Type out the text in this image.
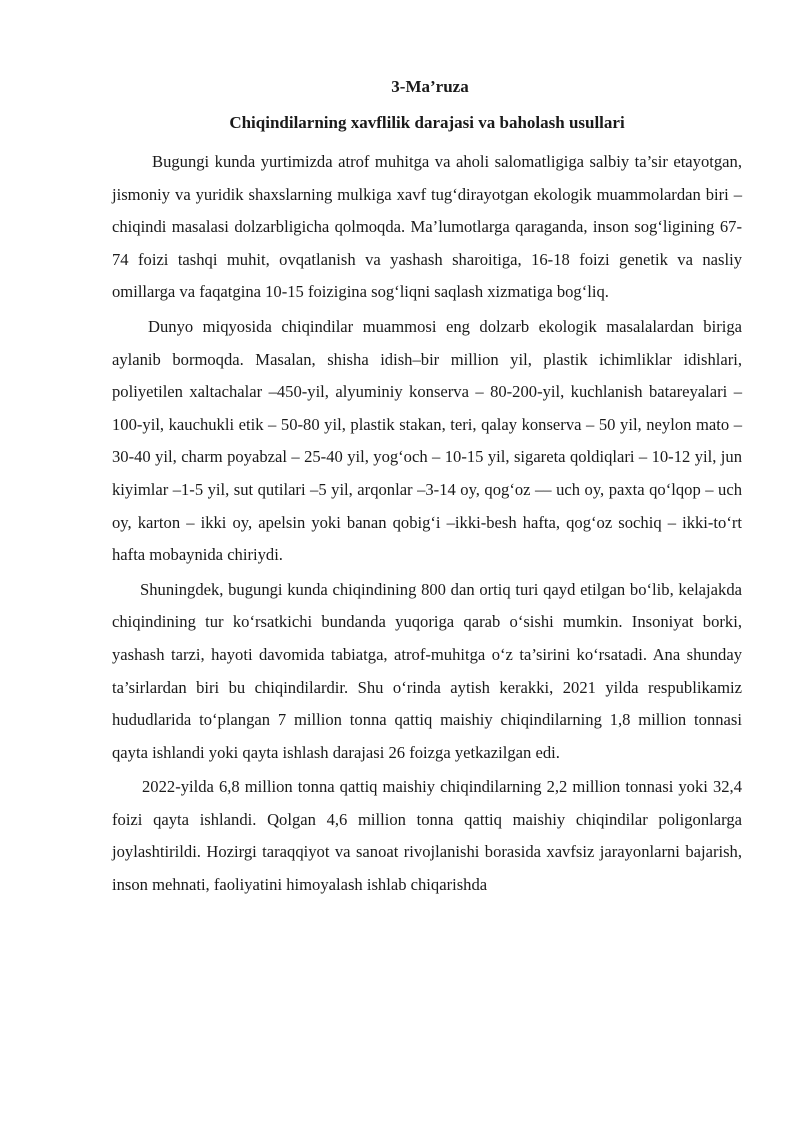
3-Ma’ruza
Chiqindilarning xavflilik darajasi va baholash usullari

Bugungi kunda yurtimizda atrof muhitga va aholi salomatligiga salbiy ta’sir etayotgan, jismoniy va yuridik shaxslarning mulkiga xavf tug‘dirayotgan ekologik muammolardan biri – chiqindi masalasi dolzarbligicha qolmoqda. Ma’lumotlarga qaraganda, inson sog‘ligining 67-74 foizi tashqi muhit, ovqatlanish va yashash sharoitiga, 16-18 foizi genetik va nasliy omillarga va faqatgina 10-15 foizigina sog‘liqni saqlash xizmatiga bog‘liq.

Dunyo miqyosida chiqindilar muammosi eng dolzarb ekologik masalalardan biriga aylanib bormoqda. Masalan, shisha idish–bir million yil, plastik ichimliklar idishlari, poliyetilen xaltachalar –450-yil, alyuminiy konserva – 80-200-yil, kuchlanish batareyalari – 100-yil, kauchukli etik – 50-80 yil, plastik stakan, teri, qalay konserva – 50 yil, neylon mato – 30-40 yil, charm poyabzal – 25-40 yil, yog‘och – 10-15 yil, sigareta qoldiqlari – 10-12 yil, jun kiyimlar –1-5 yil, sut qutilari –5 yil, arqonlar –3-14 oy, qog‘oz –– uch oy, paxta qo‘lqop – uch oy, karton – ikki oy, apelsin yoki banan qobig‘i –ikki-besh hafta, qog‘oz sochiq – ikki-to‘rt hafta mobaynida chiriydi.

Shuningdek, bugungi kunda chiqindining 800 dan ortiq turi qayd etilgan bo‘lib, kelajakda chiqindining tur ko‘rsatkichi bundanda yuqoriga qarab o‘sishi mumkin. Insoniyat borki, yashash tarzi, hayoti davomida tabiatga, atrof-muhitga o‘z ta’sirini ko‘rsatadi. Ana shunday ta’sirlardan biri bu chiqindilardir. Shu o‘rinda aytish kerakki, 2021 yilda respublikamiz hududlarida to‘plangan 7 million tonna qattiq maishiy chiqindilarning 1,8 million tonnasi qayta ishlandi yoki qayta ishlash darajasi 26 foizga yetkazilgan edi.

2022-yilda 6,8 million tonna qattiq maishiy chiqindilarning 2,2 million tonnasi yoki 32,4 foizi qayta ishlandi. Qolgan 4,6 million tonna qattiq maishiy chiqindilar poligonlarga joylashtirildi. Hozirgi taraqqiyot va sanoat rivojlanishi borasida xavfsiz jarayonlarni bajarish, inson mehnati, faoliyatini himoyalash ishlab chiqarishda
